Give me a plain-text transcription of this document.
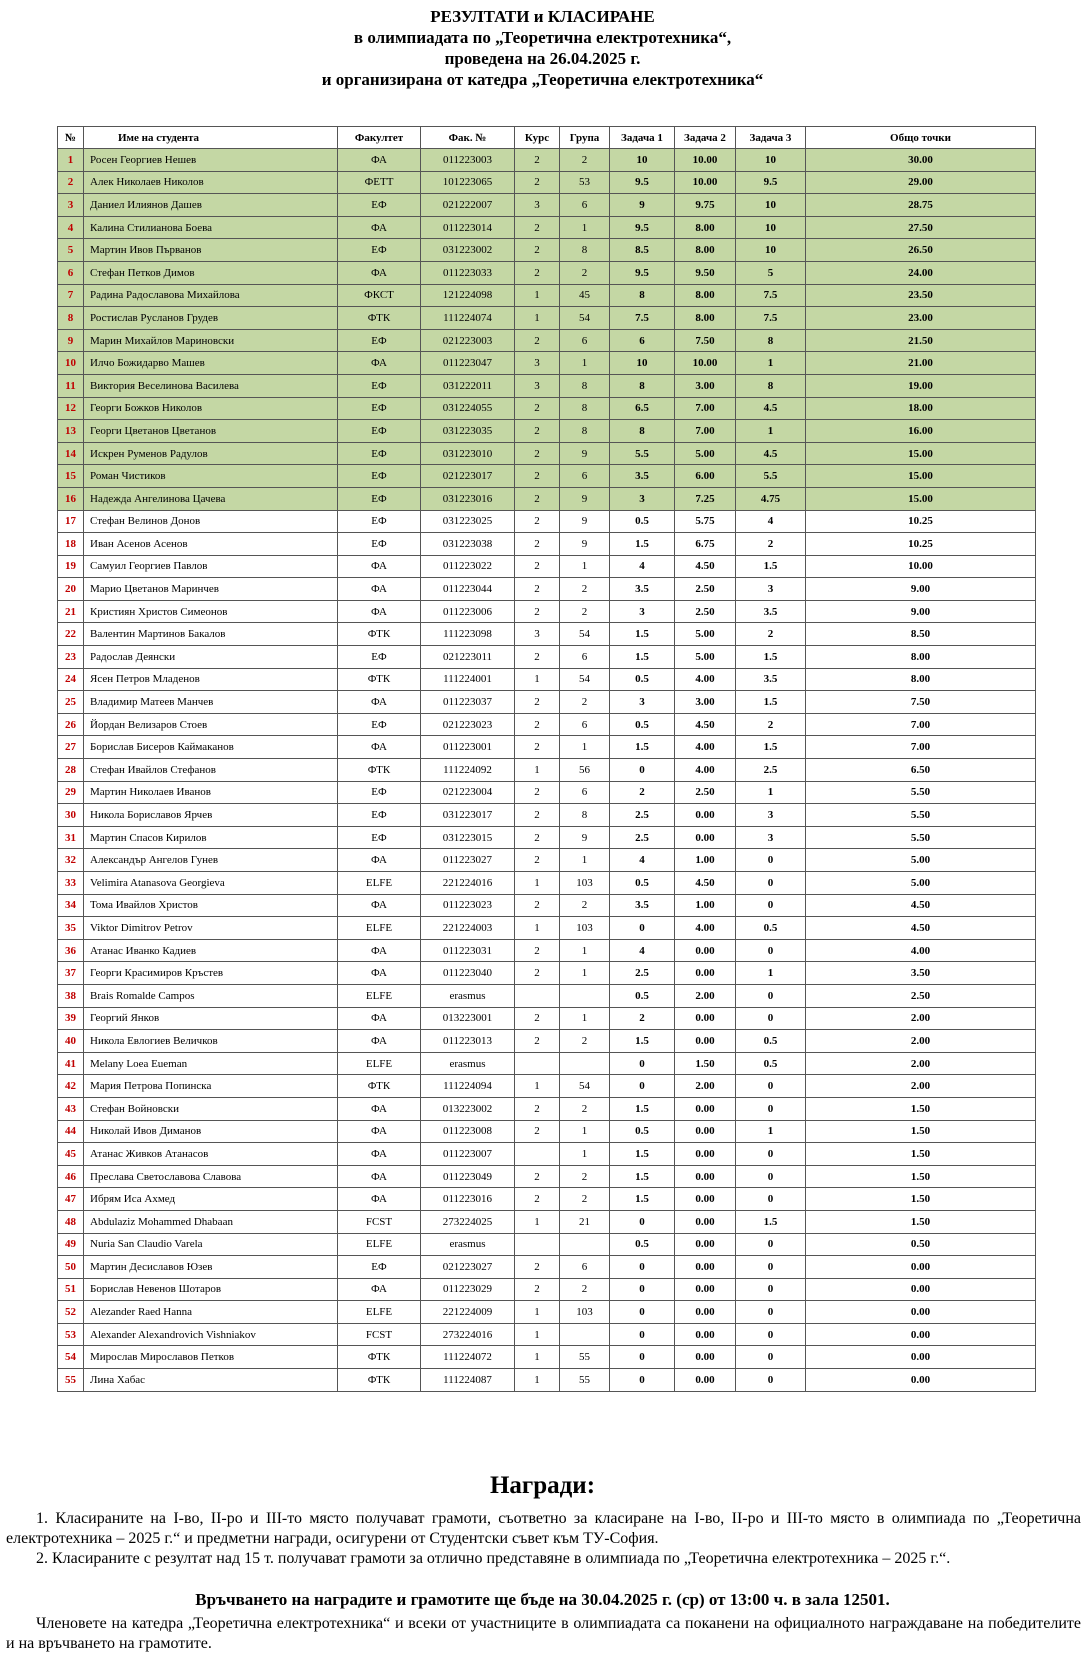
РЕЗУЛТАТИ и КЛАСИРАНЕ
в олимпиадата по „Теоретична електротехника“,
проведена на 26.04.2025 г.
и организирана от катедра „Теоретична електротехника“
№	Име на студента	Факултет	Фак. №	Курс	Група	Задача 1	Задача 2	Задача 3	Общо точки
1	Росен Георгиев Нешев	ФА	011223003	2	2	10	10.00	10	30.00
2	Алек Николаев Николов	ФЕТТ	101223065	2	53	9.5	10.00	9.5	29.00
3	Даниел Илиянов Дашев	ЕФ	021222007	3	6	9	9.75	10	28.75
4	Калина Стилианова Боева	ФА	011223014	2	1	9.5	8.00	10	27.50
5	Мартин Ивов Първанов	ЕФ	031223002	2	8	8.5	8.00	10	26.50
6	Стефан Петков Димов	ФА	011223033	2	2	9.5	9.50	5	24.00
7	Радина Радославова Михайлова	ФКСТ	121224098	1	45	8	8.00	7.5	23.50
8	Ростислав Русланов Грудев	ФТК	111224074	1	54	7.5	8.00	7.5	23.00
9	Марин Михайлов Мариновски	ЕФ	021223003	2	6	6	7.50	8	21.50
10	Илчо Божидарво Машев	ФА	011223047	3	1	10	10.00	1	21.00
11	Виктория Веселинова Василева	ЕФ	031222011	3	8	8	3.00	8	19.00
12	Георги Божков Николов	ЕФ	031224055	2	8	6.5	7.00	4.5	18.00
13	Георги Цветанов Цветанов	ЕФ	031223035	2	8	8	7.00	1	16.00
14	Искрен Руменов Радулов	ЕФ	031223010	2	9	5.5	5.00	4.5	15.00
15	Роман Чистиков	ЕФ	021223017	2	6	3.5	6.00	5.5	15.00
16	Надежда Ангелинова Цачева	ЕФ	031223016	2	9	3	7.25	4.75	15.00
17	Стефан Велинов Донов	ЕФ	031223025	2	9	0.5	5.75	4	10.25
18	Иван Асенов Асенов	ЕФ	031223038	2	9	1.5	6.75	2	10.25
19	Самуил Георгиев Павлов	ФА	011223022	2	1	4	4.50	1.5	10.00
20	Марио Цветанов Маринчев	ФА	011223044	2	2	3.5	2.50	3	9.00
21	Кристиян Христов Симеонов	ФА	011223006	2	2	3	2.50	3.5	9.00
22	Валентин Мартинов Бакалов	ФТК	111223098	3	54	1.5	5.00	2	8.50
23	Радослав Деянски	ЕФ	021223011	2	6	1.5	5.00	1.5	8.00
24	Ясен Петров Младенов	ФТК	111224001	1	54	0.5	4.00	3.5	8.00
25	Владимир Матеев Манчев	ФА	011223037	2	2	3	3.00	1.5	7.50
26	Йордан Велизаров Стоев	ЕФ	021223023	2	6	0.5	4.50	2	7.00
27	Борислав Бисеров Каймаканов	ФА	011223001	2	1	1.5	4.00	1.5	7.00
28	Стефан Ивайлов Стефанов	ФТК	111224092	1	56	0	4.00	2.5	6.50
29	Мартин Николаев Иванов	ЕФ	021223004	2	6	2	2.50	1	5.50
30	Никола Бориславов Ярчев	ЕФ	031223017	2	8	2.5	0.00	3	5.50
31	Мартин Спасов Кирилов	ЕФ	031223015	2	9	2.5	0.00	3	5.50
32	Александър Ангелов Гунев	ФА	011223027	2	1	4	1.00	0	5.00
33	Velimira Atanasova Georgieva	ELFE	221224016	1	103	0.5	4.50	0	5.00
34	Тома Ивайлов Христов	ФА	011223023	2	2	3.5	1.00	0	4.50
35	Viktor Dimitrov Petrov	ELFE	221224003	1	103	0	4.00	0.5	4.50
36	Атанас Иванко Кадиев	ФА	011223031	2	1	4	0.00	0	4.00
37	Георги Красимиров Кръстев	ФА	011223040	2	1	2.5	0.00	1	3.50
38	Brais Romalde Campos	ELFE	erasmus			0.5	2.00	0	2.50
39	Георгий Янков	ФА	013223001	2	1	2	0.00	0	2.00
40	Никола Евлогиев Величков	ФА	011223013	2	2	1.5	0.00	0.5	2.00
41	Melany Loea Eueman	ELFE	erasmus			0	1.50	0.5	2.00
42	Мария Петрова Попинска	ФТК	111224094	1	54	0	2.00	0	2.00
43	Стефан Войновски	ФА	013223002	2	2	1.5	0.00	0	1.50
44	Николай Ивов Диманов	ФА	011223008	2	1	0.5	0.00	1	1.50
45	Атанас Живков Атанасов	ФА	011223007		1	1.5	0.00	0	1.50
46	Преслава Светославова Славова	ФА	011223049	2	2	1.5	0.00	0	1.50
47	Ибрям Иса Ахмед	ФА	011223016	2	2	1.5	0.00	0	1.50
48	Abdulaziz Mohammed Dhabaan	FCST	273224025	1	21	0	0.00	1.5	1.50
49	Nuria San Claudio Varela	ELFE	erasmus			0.5	0.00	0	0.50
50	Мартин Десиславов Юзев	ЕФ	021223027	2	6	0	0.00	0	0.00
51	Борислав Невенов Шотаров	ФА	011223029	2	2	0	0.00	0	0.00
52	Alezander Raed Hanna	ELFE	221224009	1	103	0	0.00	0	0.00
53	Alexander Alexandrovich Vishniakov	FCST	273224016	1		0	0.00	0	0.00
54	Мирослав Мирославов Петков	ФТК	111224072	1	55	0	0.00	0	0.00
55	Лина Хабас	ФТК	111224087	1	55	0	0.00	0	0.00
Награди:

1. Класираните на I-во, II-ро и III-то място получават грамоти, съответно за класиране на I-во, II-ро и III-то място в олимпиада по „Теоретична електротехника – 2025 г.“ и предметни награди, осигурени от Студентски съвет към ТУ-София.

2. Класираните с резултат над 15 т. получават грамоти за отлично представяне в олимпиада по „Теоретична електротехника – 2025 г.“.

Връчването на наградите и грамотите ще бъде на 30.04.2025 г. (ср) от 13:00 ч. в зала 12501.
Членовете на катедра „Теоретична електротехника“ и всеки от участниците в олимпиадата са поканени на официалното награждаване на победителите и на връчването на грамотите.
